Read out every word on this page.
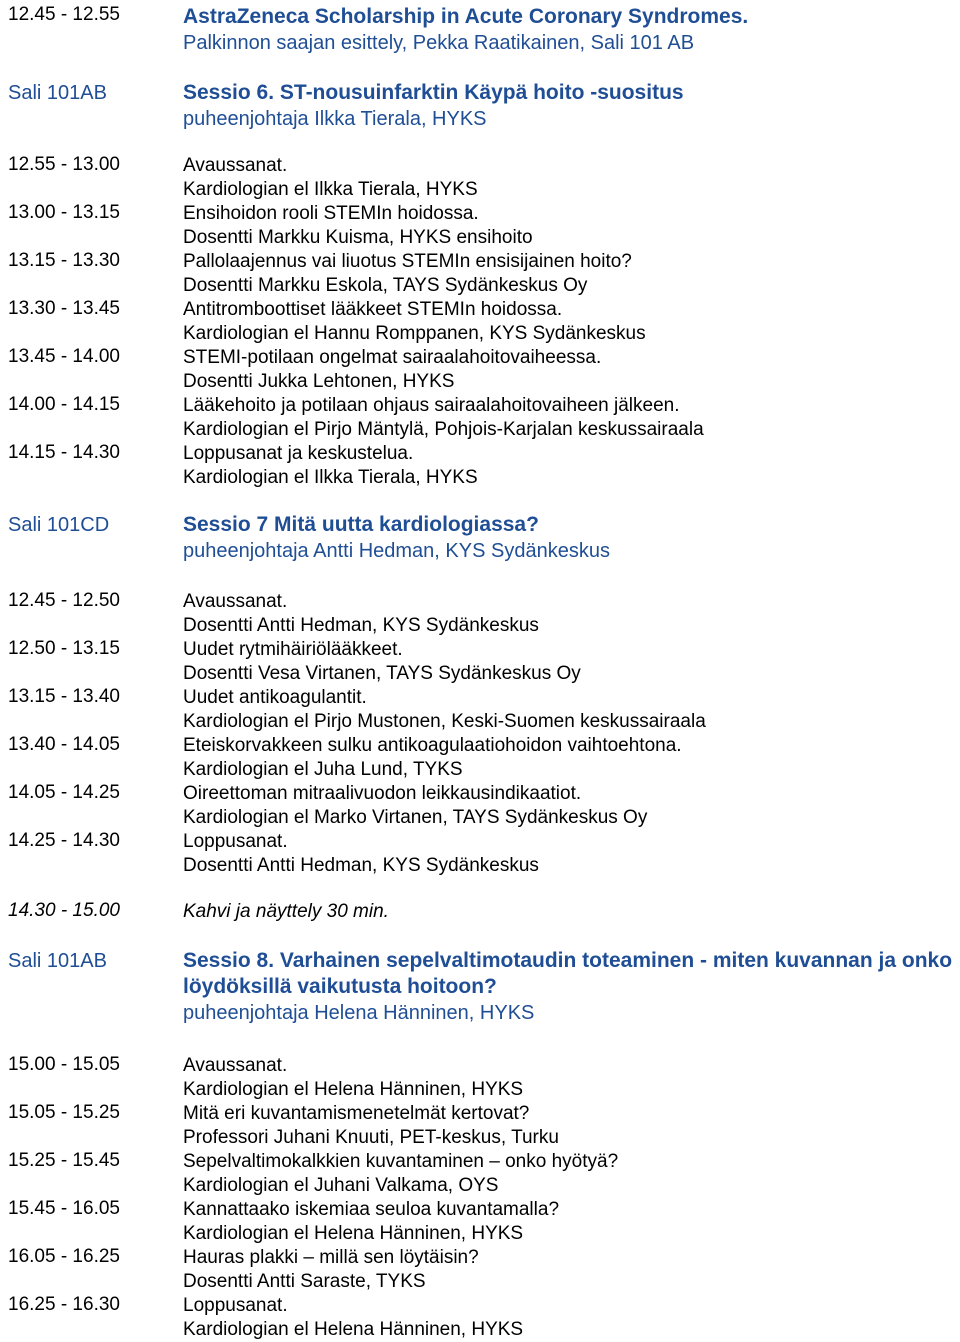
12.45 - 12.55	AstraZeneca Scholarship in Acute Coronary Syndromes.
Palkinnon saajan esittely, Pekka Raatikainen, Sali 101 AB
Sali 101AB	Sessio 6. ST-nousuinfarktin Käypä hoito -suositus
puheenjohtaja Ilkka Tierala, HYKS
12.55 - 13.00	Avaussanat.
Kardiologian el Ilkka Tierala, HYKS
13.00 - 13.15	Ensihoidon rooli STEMIn hoidossa.
Dosentti Markku Kuisma, HYKS ensihoito
13.15 - 13.30	Pallolaajennus vai liuotus STEMIn ensisijainen hoito?
Dosentti Markku Eskola, TAYS Sydänkeskus Oy
13.30 - 13.45	Antitromboottiset lääkkeet STEMIn hoidossa.
Kardiologian el Hannu Romppanen, KYS Sydänkeskus
13.45 - 14.00	STEMI-potilaan ongelmat sairaalahoitovaiheessa.
Dosentti Jukka Lehtonen, HYKS
14.00 - 14.15	Lääkehoito ja potilaan ohjaus sairaalahoitovaiheen jälkeen.
Kardiologian el Pirjo Mäntylä, Pohjois-Karjalan keskussairaala
14.15 - 14.30	Loppusanat ja keskustelua.
Kardiologian el Ilkka Tierala, HYKS
Sali 101CD	Sessio 7 Mitä uutta kardiologiassa?
puheenjohtaja Antti Hedman, KYS Sydänkeskus
12.45 - 12.50	Avaussanat.
Dosentti Antti Hedman, KYS Sydänkeskus
12.50 - 13.15	Uudet rytmihäiriölääkkeet.
Dosentti Vesa Virtanen, TAYS Sydänkeskus Oy
13.15 - 13.40	Uudet antikoagulantit.
Kardiologian el Pirjo Mustonen, Keski-Suomen keskussairaala
13.40 - 14.05	Eteiskorvakkeen sulku antikoagulaatiohoidon vaihtoehtona.
Kardiologian el Juha Lund, TYKS
14.05 - 14.25	Oireettoman mitraalivuodon leikkausindikaatiot.
Kardiologian el Marko Virtanen, TAYS Sydänkeskus Oy
14.25 - 14.30	Loppusanat.
Dosentti Antti Hedman, KYS Sydänkeskus
14.30 - 15.00	Kahvi ja näyttely 30 min.
Sali 101AB	Sessio 8. Varhainen sepelvaltimotaudin toteaminen - miten kuvannan ja onko löydöksillä vaikutusta hoitoon?
puheenjohtaja Helena Hänninen, HYKS
15.00 - 15.05	Avaussanat.
Kardiologian el Helena Hänninen, HYKS
15.05 - 15.25	Mitä eri kuvantamismenetelmät kertovat?
Professori Juhani Knuuti, PET-keskus, Turku
15.25 - 15.45	Sepelvaltimokalkkien kuvantaminen – onko hyötyä?
Kardiologian el Juhani Valkama, OYS
15.45 - 16.05	Kannattaako iskemiaa seuloa kuvantamalla?
Kardiologian el Helena Hänninen, HYKS
16.05 - 16.25	Hauras plakki – millä sen löytäisin?
Dosentti Antti Saraste, TYKS
16.25 - 16.30	Loppusanat.
Kardiologian el Helena Hänninen, HYKS
